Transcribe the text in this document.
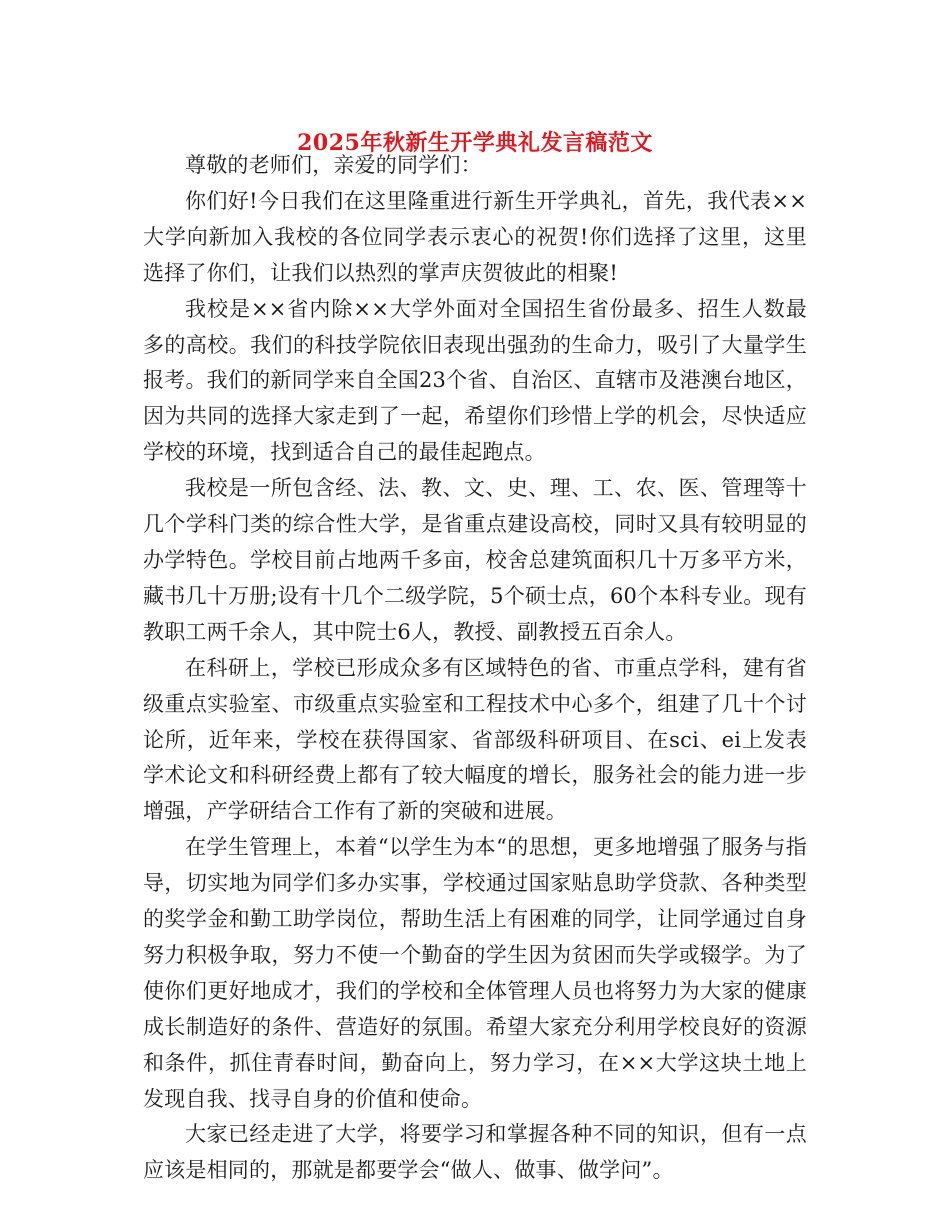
2025年秋新生开学典礼发言稿范文

尊敬的老师们，亲爱的同学们：

你们好!今日我们在这里隆重进行新生开学典礼，首先，我代表××大学向新加入我校的各位同学表示衷心的祝贺!你们选择了这里，这里选择了你们，让我们以热烈的掌声庆贺彼此的相聚!

我校是××省内除××大学外面对全国招生省份最多、招生人数最多的高校。我们的科技学院依旧表现出强劲的生命力，吸引了大量学生报考。我们的新同学来自全国23个省、自治区、直辖市及港澳台地区，因为共同的选择大家走到了一起，希望你们珍惜上学的机会，尽快适应学校的环境，找到适合自己的最佳起跑点。

我校是一所包含经、法、教、文、史、理、工、农、医、管理等十几个学科门类的综合性大学，是省重点建设高校，同时又具有较明显的办学特色。学校目前占地两千多亩，校舍总建筑面积几十万多平方米，藏书几十万册;设有十几个二级学院，5个硕士点，60个本科专业。现有教职工两千余人，其中院士6人，教授、副教授五百余人。

在科研上，学校已形成众多有区域特色的省、市重点学科，建有省级重点实验室、市级重点实验室和工程技术中心多个，组建了几十个讨论所，近年来，学校在获得国家、省部级科研项目、在sci、ei上发表学术论文和科研经费上都有了较大幅度的增长，服务社会的能力进一步增强，产学研结合工作有了新的突破和进展。

在学生管理上，本着“以学生为本“的思想，更多地增强了服务与指导，切实地为同学们多办实事，学校通过国家贴息助学贷款、各种类型的奖学金和勤工助学岗位，帮助生活上有困难的同学，让同学通过自身努力积极争取，努力不使一个勤奋的学生因为贫困而失学或辍学。为了使你们更好地成才，我们的学校和全体管理人员也将努力为大家的健康成长制造好的条件、营造好的氛围。希望大家充分利用学校良好的资源和条件，抓住青春时间，勤奋向上，努力学习，在××大学这块土地上发现自我、找寻自身的价值和使命。

大家已经走进了大学，将要学习和掌握各种不同的知识，但有一点应该是相同的，那就是都要学会“做人、做事、做学问”。
